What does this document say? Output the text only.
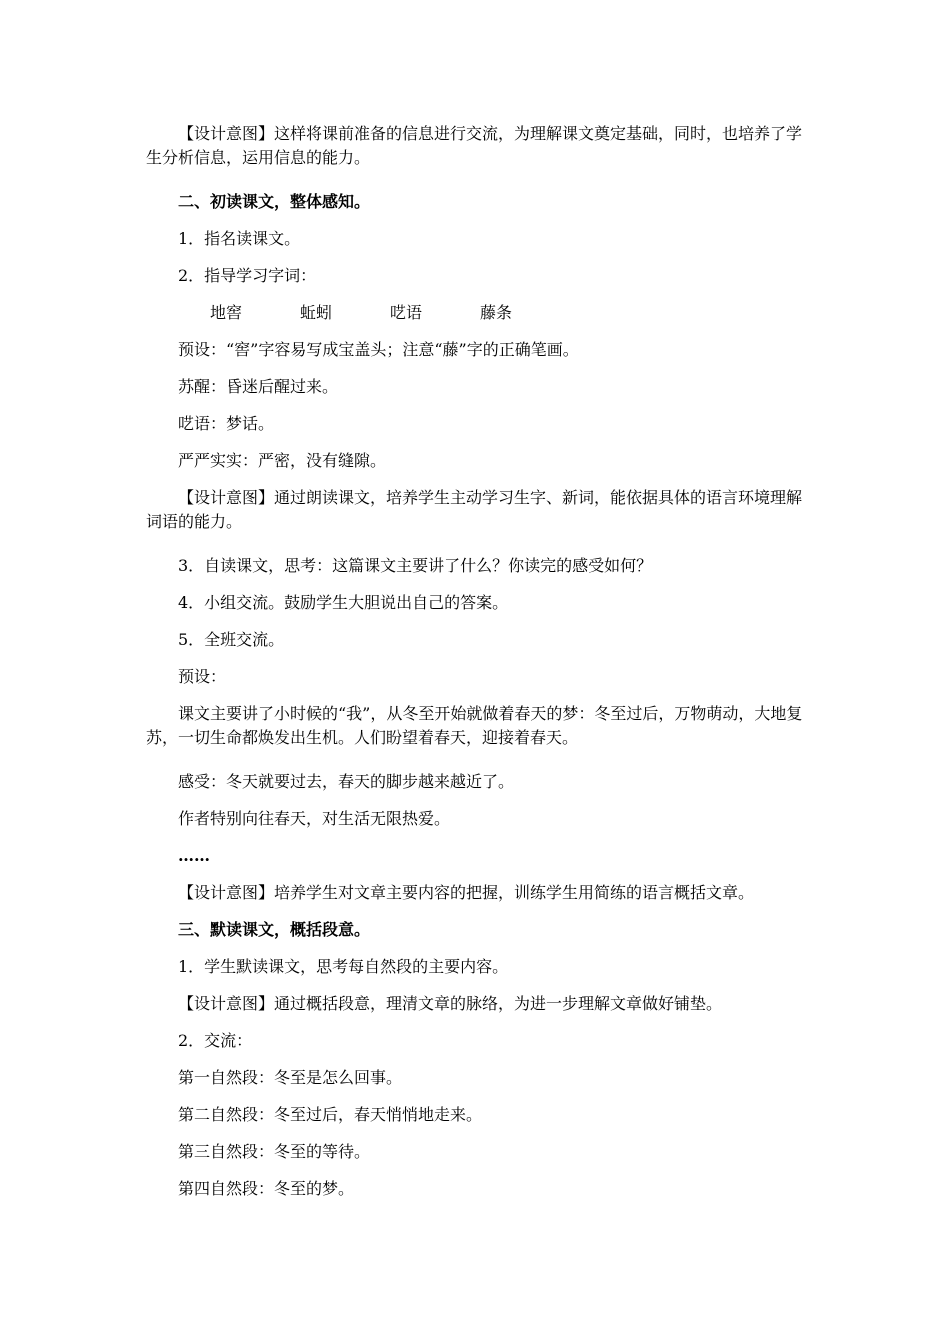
【设计意图】这样将课前准备的信息进行交流，为理解课文奠定基础，同时，也培养了学生分析信息，运用信息的能力。

二、初读课文，整体感知。

1．指名读课文。

2．指导学习字词：

地窖	蚯蚓	呓语	藤条

预设：“窖”字容易写成宝盖头；注意“藤”字的正确笔画。

苏醒：昏迷后醒过来。

呓语：梦话。

严严实实：严密，没有缝隙。

【设计意图】通过朗读课文，培养学生主动学习生字、新词，能依据具体的语言环境理解词语的能力。

3．自读课文，思考：这篇课文主要讲了什么？你读完的感受如何？

4．小组交流。鼓励学生大胆说出自己的答案。

5．全班交流。

预设：

课文主要讲了小时候的“我”，从冬至开始就做着春天的梦：冬至过后，万物萌动，大地复苏，一切生命都焕发出生机。人们盼望着春天，迎接着春天。

感受：冬天就要过去，春天的脚步越来越近了。

作者特别向往春天，对生活无限热爱。

……

【设计意图】培养学生对文章主要内容的把握，训练学生用简练的语言概括文章。

三、默读课文，概括段意。

1．学生默读课文，思考每自然段的主要内容。

【设计意图】通过概括段意，理清文章的脉络，为进一步理解文章做好铺垫。

2．交流：

第一自然段：冬至是怎么回事。

第二自然段：冬至过后，春天悄悄地走来。

第三自然段：冬至的等待。

第四自然段：冬至的梦。
